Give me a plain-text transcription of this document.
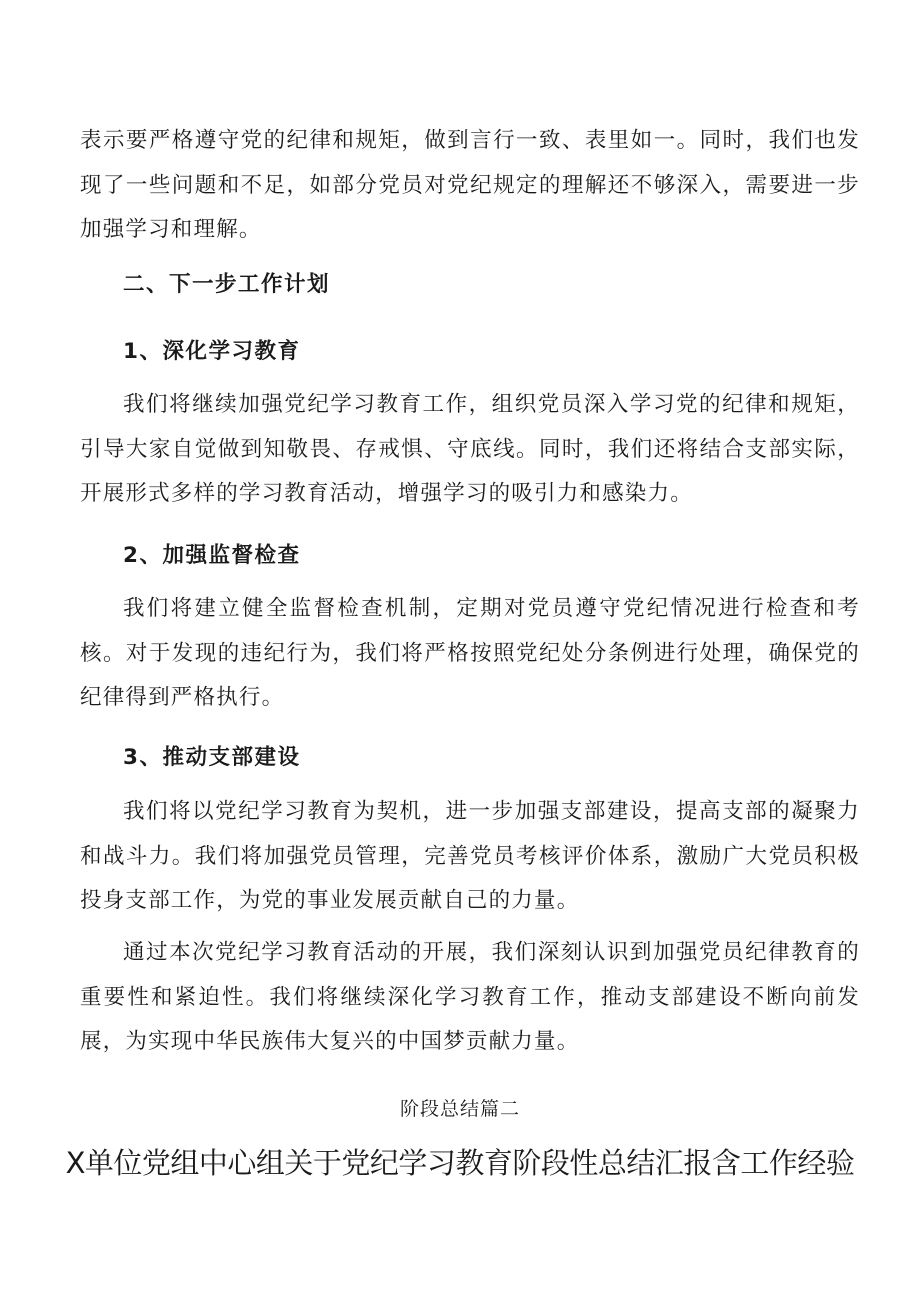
表示要严格遵守党的纪律和规矩，做到言行一致、表里如一。同时，我们也发现了一些问题和不足，如部分党员对党纪规定的理解还不够深入，需要进一步加强学习和理解。

二、下一步工作计划

1、深化学习教育

我们将继续加强党纪学习教育工作，组织党员深入学习党的纪律和规矩，引导大家自觉做到知敬畏、存戒惧、守底线。同时，我们还将结合支部实际，开展形式多样的学习教育活动，增强学习的吸引力和感染力。

2、加强监督检查

我们将建立健全监督检查机制，定期对党员遵守党纪情况进行检查和考核。对于发现的违纪行为，我们将严格按照党纪处分条例进行处理，确保党的纪律得到严格执行。

3、推动支部建设

我们将以党纪学习教育为契机，进一步加强支部建设，提高支部的凝聚力和战斗力。我们将加强党员管理，完善党员考核评价体系，激励广大党员积极投身支部工作，为党的事业发展贡献自己的力量。

通过本次党纪学习教育活动的开展，我们深刻认识到加强党员纪律教育的重要性和紧迫性。我们将继续深化学习教育工作，推动支部建设不断向前发展，为实现中华民族伟大复兴的中国梦贡献力量。

阶段总结篇二

X单位党组中心组关于党纪学习教育阶段性总结汇报含工作经验
